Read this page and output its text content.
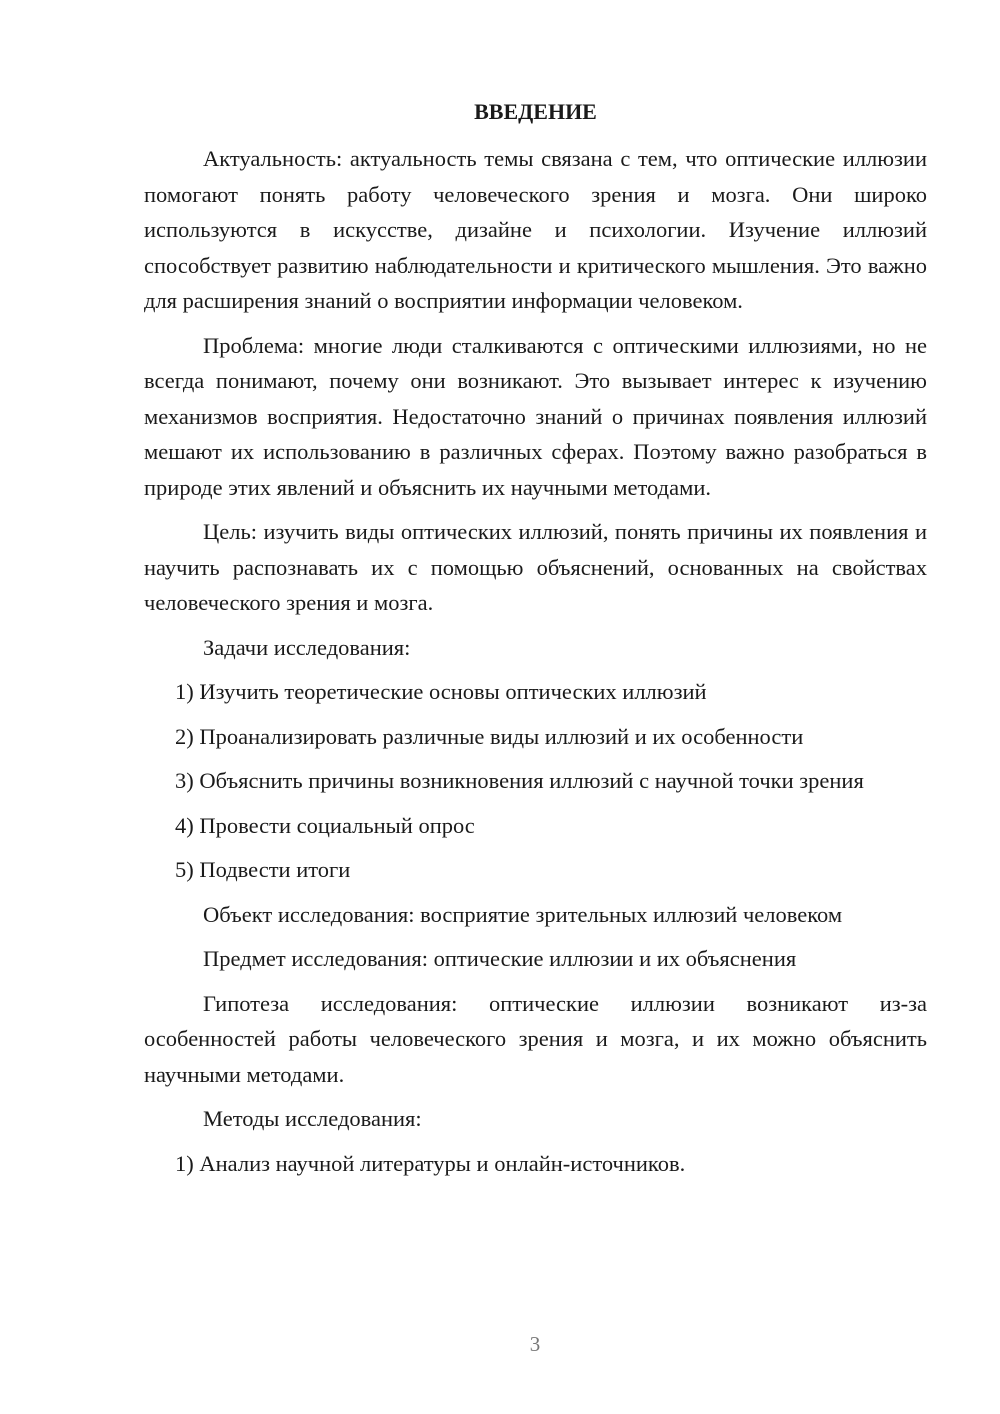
ВВЕДЕНИЕ

Актуальность: актуальность темы связана с тем, что оптические иллюзии помогают понять работу человеческого зрения и мозга. Они широко используются в искусстве, дизайне и психологии. Изучение иллюзий способствует развитию наблюдательности и критического мышления. Это важно для расширения знаний о восприятии информации человеком.

Проблема: многие люди сталкиваются с оптическими иллюзиями, но не всегда понимают, почему они возникают. Это вызывает интерес к изучению механизмов восприятия. Недостаточно знаний о причинах появления иллюзий мешают их использованию в различных сферах. Поэтому важно разобраться в природе этих явлений и объяснить их научными методами.

Цель: изучить виды оптических иллюзий, понять причины их появления и научить распознавать их с помощью объяснений, основанных на свойствах человеческого зрения и мозга.

Задачи исследования:

1) Изучить теоретические основы оптических иллюзий

2) Проанализировать различные виды иллюзий и их особенности

3) Объяснить причины возникновения иллюзий с научной точки зрения

4) Провести социальный опрос

5) Подвести итоги

Объект исследования: восприятие зрительных иллюзий человеком

Предмет исследования: оптические иллюзии и их объяснения

Гипотеза исследования: оптические иллюзии возникают из-за особенностей работы человеческого зрения и мозга, и их можно объяснить научными методами.

Методы исследования:

1) Анализ научной литературы и онлайн-источников.

3
